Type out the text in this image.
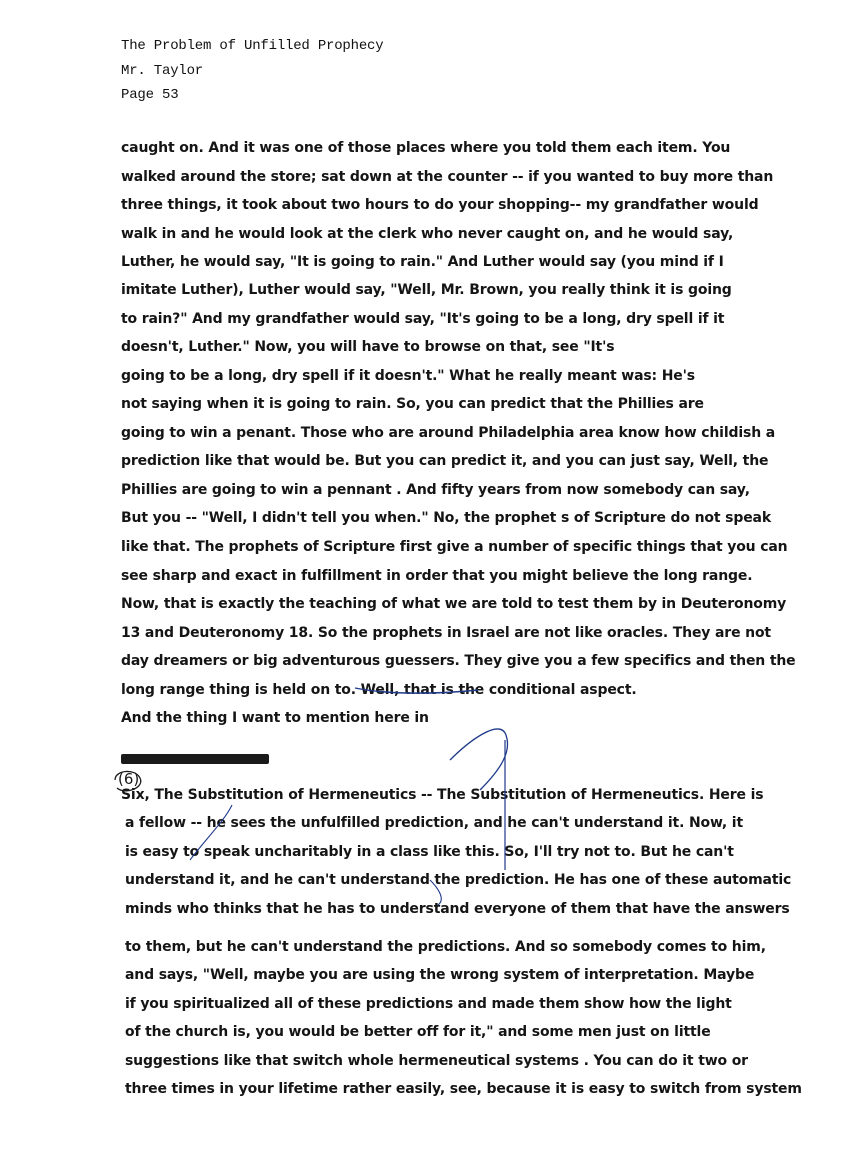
The Problem of Unfilled Prophecy
Mr. Taylor
Page 53
caught on. And it was one of those places where you told them each item. You
walked around the store; sat down at the counter -- if you wanted to buy more than
three things, it took about two hours to do your shopping-- my grandfather would
walk in and he would look at the clerk who never caught on, and he would say,
Luther, he would say, "It is going to rain." And Luther would say (you mind if I
imitate Luther), Luther would say, "Well, Mr. Brown, you really think it is going
to rain?" And my grandfather would say, "It's going to be a long, dry spell if it
doesn't, Luther." Now, you will have to browse on that, see "It's
going to be a long, dry spell if it doesn't." What he really meant was: He's
not saying when it is going to rain. So, you can predict that the Phillies are
going to win a penant. Those who are around Philadelphia area know how childish a
prediction like that would be. But you can predict it, and you can just say, Well, the
Phillies are going to win a pennant . And fifty years from now somebody can say,
But you -- "Well, I didn't tell you when." No, the prophet s of Scripture do not speak
like that. The prophets of Scripture first give a number of specific things that you can
see sharp and exact in fulfillment in order that you might believe the long range.
Now, that is exactly the teaching of what we are told to test them by in Deuteronomy
13 and Deuteronomy 18. So the prophets in Israel are not like oracles. They are not
day dreamers or big adventurous guessers. They give you a few specifics and then the
long range thing is held on to. Well, that is the conditional aspect.
And the thing I want to mention here in
(6)
Six, The Substitution of Hermeneutics -- The Substitution of Hermeneutics. Here is
a fellow -- he sees the unfulfilled prediction, and he can't understand it. Now, it
is easy to speak uncharitably in a class like this. So, I'll try not to. But he can't
understand it, and he can't understand the prediction. He has one of these automatic
minds who thinks that he has to understand everyone of them that have the answers
to them, but he can't understand the predictions. And so somebody comes to him,
and says, "Well, maybe you are using the wrong system of interpretation. Maybe
if you spiritualized all of these predictions and made them show how the light
of the church is, you would be better off for it," and some men just on little
suggestions like that switch whole hermeneutical systems . You can do it two or
three times in your lifetime rather easily, see, because it is easy to switch from system
